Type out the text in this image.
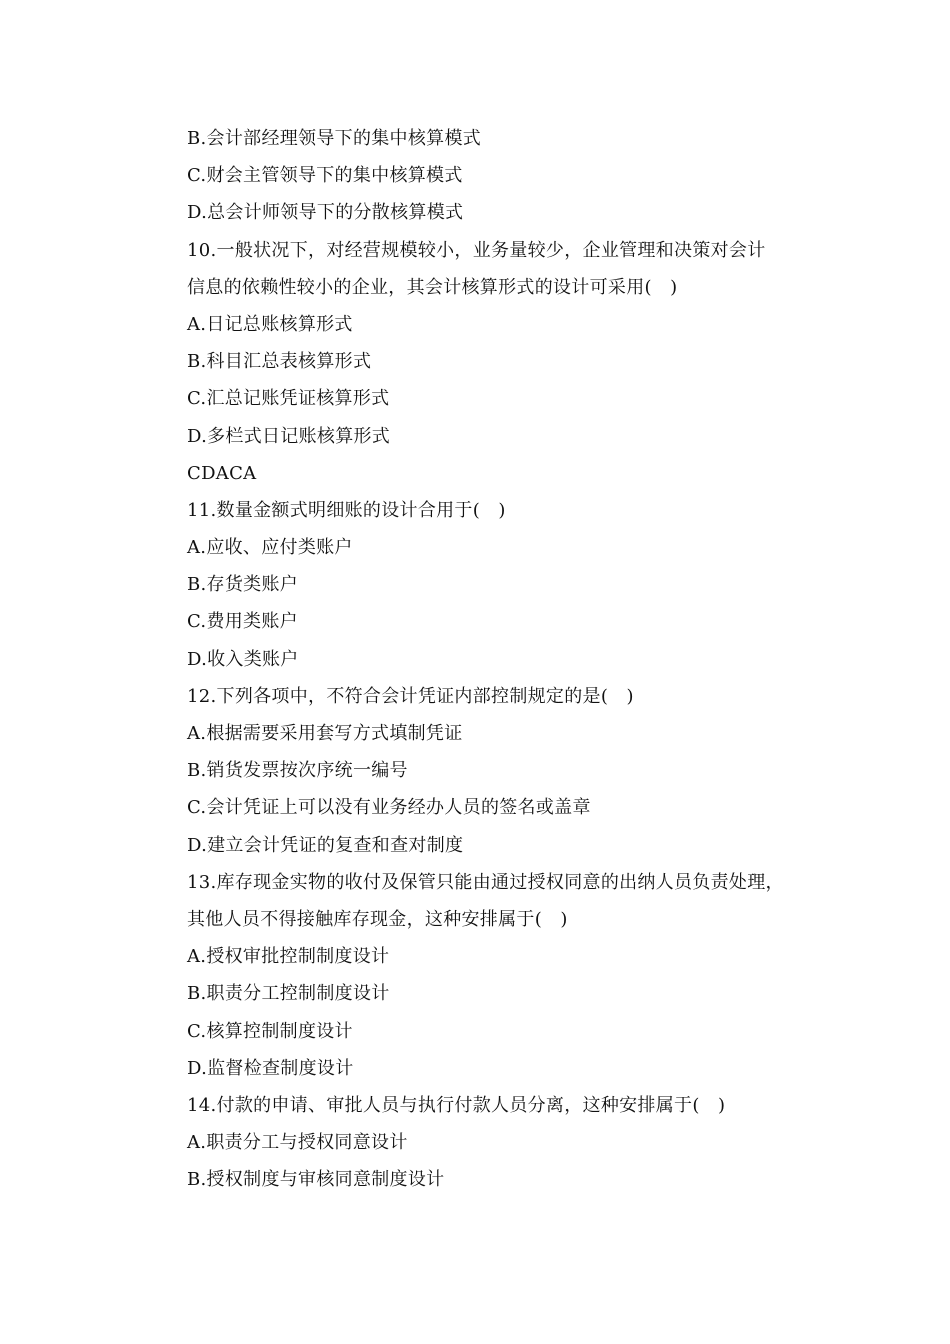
B.会计部经理领导下的集中核算模式
C.财会主管领导下的集中核算模式
D.总会计师领导下的分散核算模式
10.一般状况下，对经营规模较小，业务量较少，企业管理和决策对会计
信息的依赖性较小的企业，其会计核算形式的设计可采用(　)
A.日记总账核算形式
B.科目汇总表核算形式
C.汇总记账凭证核算形式
D.多栏式日记账核算形式
CDACA
11.数量金额式明细账的设计合用于(　)
A.应收、应付类账户
B.存货类账户
C.费用类账户
D.收入类账户
12.下列各项中，不符合会计凭证内部控制规定的是(　)
A.根据需要采用套写方式填制凭证
B.销货发票按次序统一编号
C.会计凭证上可以没有业务经办人员的签名或盖章
D.建立会计凭证的复查和查对制度
13.库存现金实物的收付及保管只能由通过授权同意的出纳人员负责处理，
其他人员不得接触库存现金，这种安排属于(　)
A.授权审批控制制度设计
B.职责分工控制制度设计
C.核算控制制度设计
D.监督检查制度设计
14.付款的申请、审批人员与执行付款人员分离，这种安排属于(　)
A.职责分工与授权同意设计
B.授权制度与审核同意制度设计
